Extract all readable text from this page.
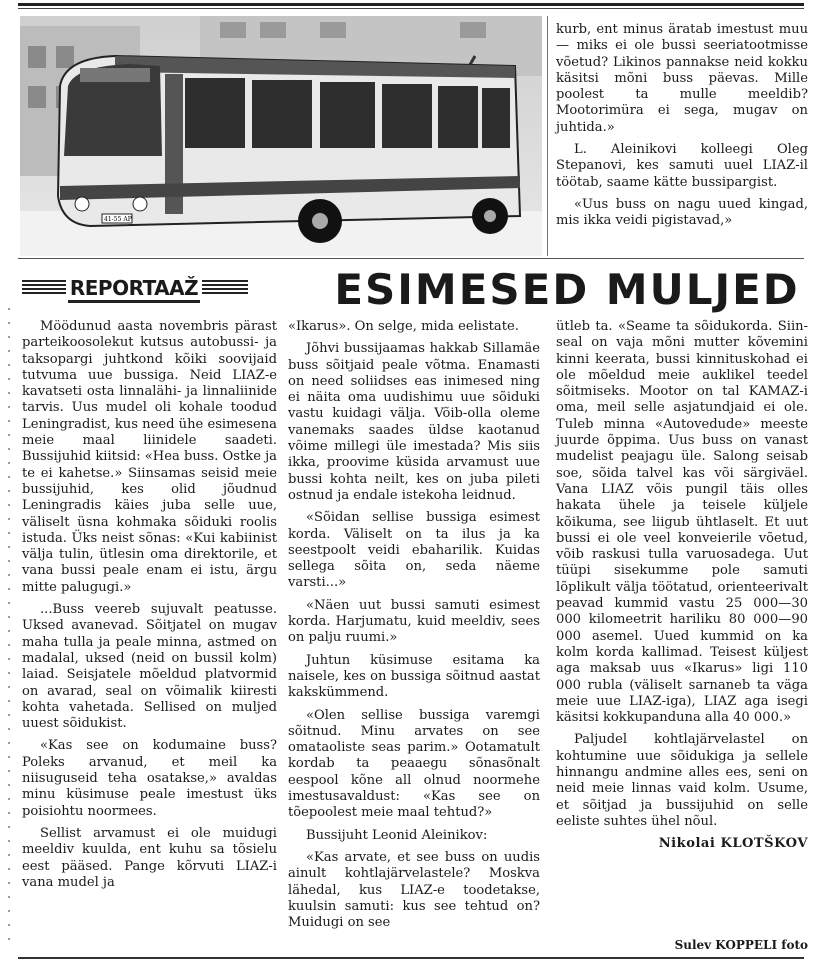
41-55 АР

kurb, ent minus äratab imestust muu — miks ei ole bussi seeriatootmisse võetud? Likinos pannakse neid kokku käsitsi mõni buss päevas. Mille poolest ta mulle meeldib? Mootorimüra ei sega, mugav on juhtida.»

L. Aleinikovi kolleegi Oleg Stepanovi, kes samuti uuel LIAZ-il töötab, saame kätte bussipargist.

«Uus buss on nagu uued kingad, mis ikka veidi pigistavad,»

REPORTAAŽ	ESIMESED MULJED

Möödunud aasta novembris pärast parteikoosolekut kutsus autobussi- ja taksopargi juhtkond kõiki soovijaid tutvuma uue bussiga. Neid LIAZ-e kavatseti osta linnalähi- ja linnaliinide tarvis. Uus mudel oli kohale toodud Leningradist, kus need ühe esimesena meie maal liinidele saadeti. Bussijuhid kiitsid: «Hea buss. Ostke ja te ei kahetse.» Siinsamas seisid meie bussijuhid, kes olid jõudnud Leningradis käies juba selle uue, väliselt üsna kohmaka sõiduki roolis istuda. Üks neist sõnas: «Kui kabiinist välja tulin, ütlesin oma direktorile, et vana bussi peale enam ei istu, ärgu mitte palugugi.»

...Buss veereb sujuvalt peatusse. Uksed avanevad. Sõitjatel on mugav maha tulla ja peale minna, astmed on madalal, uksed (neid on bussil kolm) laiad. Seisjatele mõeldud platvormid on avarad, seal on võimalik kiiresti kohta vahetada. Sellised on muljed uuest sõidukist.

«Kas see on kodumaine buss? Poleks arvanud, et meil ka niisuguseid teha osatakse,» avaldas minu küsimuse peale imestust üks poisiohtu noormees.

Sellist arvamust ei ole muidugi meeldiv kuulda, ent kuhu sa tõsielu eest pääsed. Pange kõrvuti LIAZ-i vana mudel ja

«Ikarus». On selge, mida eelistate.

Jõhvi bussijaamas hakkab Sillamäe buss sõitjaid peale võtma. Enamasti on need soliidses eas inimesed ning ei näita oma uudishimu uue sõiduki vastu kuidagi välja. Võib-olla oleme vanemaks saades üldse kaotanud võime millegi üle imestada? Mis siis ikka, proovime küsida arvamust uue bussi kohta neilt, kes on juba pileti ostnud ja endale istekoha leidnud.

«Sõidan sellise bussiga esimest korda. Väliselt on ta ilus ja ka seestpoolt veidi ebaharilik. Kuidas sellega sõita on, seda näeme varsti...»

«Näen uut bussi samuti esimest korda. Harjumatu, kuid meeldiv, sees on palju ruumi.»

Juhtun küsimuse esitama ka naisele, kes on bussiga sõitnud aastat kakskümmend.

«Olen sellise bussiga varemgi sõitnud. Minu arvates on see omataoliste seas parim.» Ootamatult kordab ta peaaegu sõnasõnalt eespool kõne all olnud noormehe imestusavaldust: «Kas see on tõepoolest meie maal tehtud?»

Bussijuht Leonid Aleinikov:

«Kas arvate, et see buss on uudis ainult kohtlajärvelastele? Moskva lähedal, kus LIAZ-e toodetakse, kuulsin samuti: kus see tehtud on? Muidugi on see

ütleb ta. «Seame ta sõidukorda. Siin-seal on vaja mõni mutter kõvemini kinni keerata, bussi kinnituskohad ei ole mõeldud meie auklikel teedel sõitmiseks. Mootor on tal KAMAZ-i oma, meil selle asjatundjaid ei ole. Tuleb minna «Autovedude» meeste juurde õppima. Uus buss on vanast mudelist peajagu üle. Salong seisab soe, sõida talvel kas või särgiväel. Vana LIAZ võis pungil täis olles hakata ühele ja teisele küljele kõikuma, see liigub ühtlaselt. Et uut bussi ei ole veel konveierile võetud, võib raskusi tulla varuosadega. Uut tüüpi sisekumme pole samuti lõplikult välja töötatud, orienteerivalt peavad kummid vastu 25 000—30 000 kilomeetrit hariliku 80 000—90 000 asemel. Uued kummid on ka kolm korda kallimad. Teisest küljest aga maksab uus «Ikarus» ligi 110 000 rubla (väliselt sarnaneb ta väga meie uue LIAZ-iga), LIAZ aga isegi käsitsi kokkupanduna alla 40 000.»

Paljudel kohtlajärvelastel on kohtumine uue sõidukiga ja sellele hinnangu andmine alles ees, seni on neid meie linnas vaid kolm. Usume, et sõitjad ja bussijuhid on selle eeliste suhtes ühel nõul.

Nikolai KLOTŠKOV

Sulev KOPPELI foto
